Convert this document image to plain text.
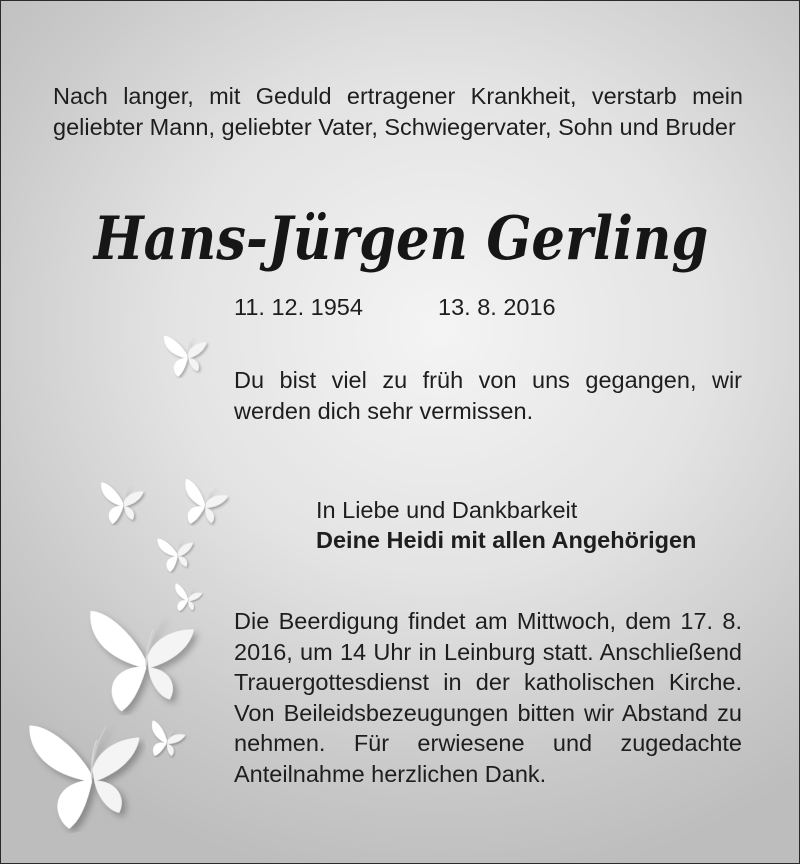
Nach langer, mit Geduld ertragener Krankheit, verstarb mein geliebter Mann, geliebter Vater, Schwiegervater, Sohn und Bruder

Hans-Jürgen Gerling
11. 12. 1954	13. 8. 2016

Du bist viel zu früh von uns gegangen, wir werden dich sehr vermissen.

In Liebe und Dankbarkeit

Deine Heidi mit allen Angehörigen

Die Beerdigung findet am Mittwoch, dem 17. 8. 2016, um 14 Uhr in Leinburg statt. Anschließend Trauergottesdienst in der katholischen Kirche. Von Beileidsbezeugungen bitten wir Abstand zu nehmen. Für erwiesene und zugedachte Anteilnahme herzlichen Dank.
